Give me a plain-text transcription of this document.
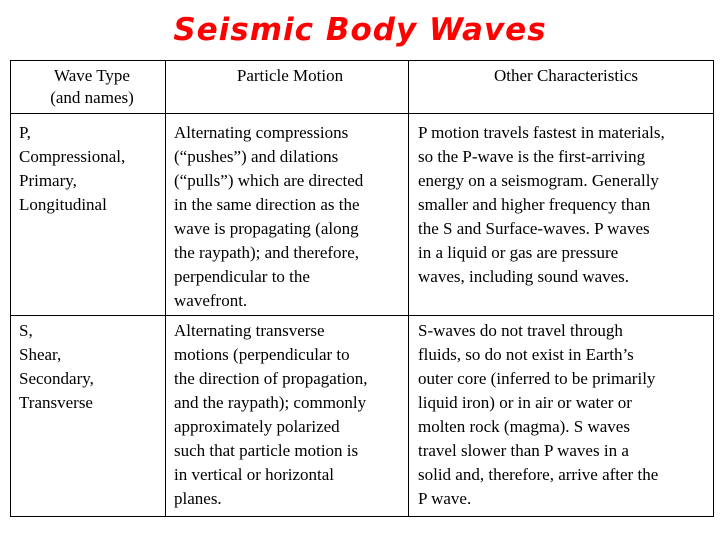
Seismic Body Waves
Wave Type
(and names)
Particle Motion	Other Characteristics
P,
Compressional,
Primary,
Longitudinal
Alternating compressions
(“pushes”) and dilations
(“pulls”) which are directed
in the same direction as the
wave is propagating (along
the raypath); and therefore,
perpendicular to the
wavefront.
P motion travels fastest in materials,
so the P-wave is the first-arriving
energy on a seismogram. Generally
smaller and higher frequency than
the S and Surface-waves. P waves
in a liquid or gas are pressure
waves, including sound waves.
S,
Shear,
Secondary,
Transverse
Alternating transverse
motions (perpendicular to
the direction of propagation,
and the raypath); commonly
approximately polarized
such that particle motion is
in vertical or horizontal
planes.
S-waves do not travel through
fluids, so do not exist in Earth’s
outer core (inferred to be primarily
liquid iron) or in air or water or
molten rock (magma). S waves
travel slower than P waves in a
solid and, therefore, arrive after the
P wave.
